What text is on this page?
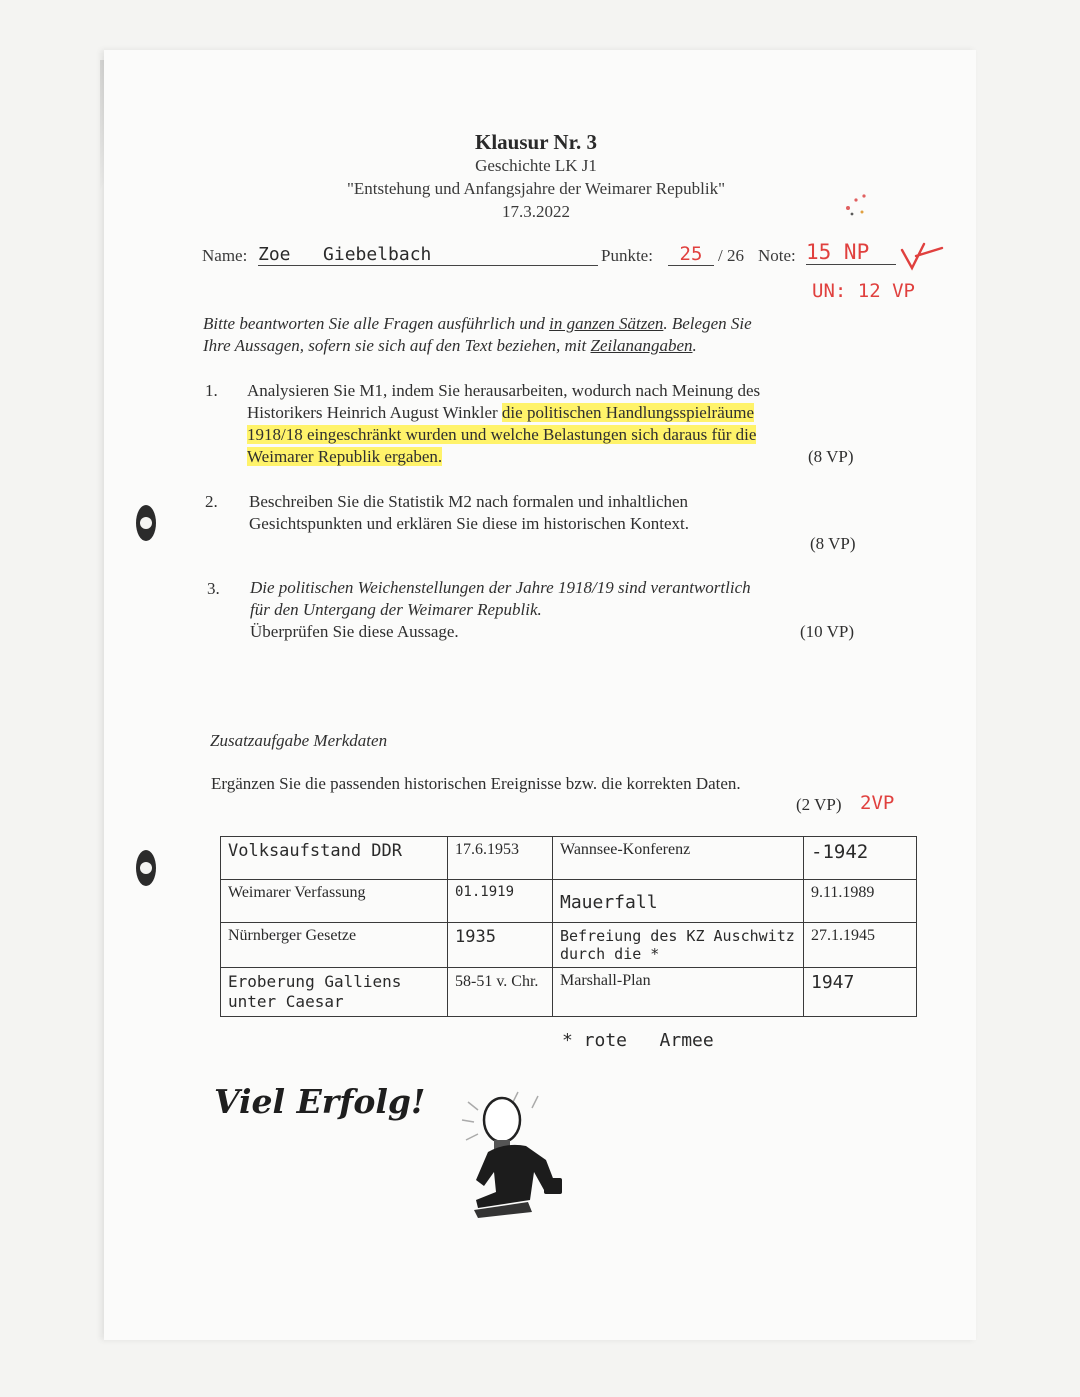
Klausur Nr. 3
Geschichte LK J1
"Entstehung und Anfangsjahre der Weimarer Republik"
17.3.2022
Name: Zoe   Giebelbach	Punkte:	25 / 26 Note: 15 NP
UN: 12 VP
Bitte beantworten Sie alle Fragen ausführlich und in ganzen Sätzen. Belegen Sie
Ihre Aussagen, sofern sie sich auf den Text beziehen, mit Zeilanangaben.
1. Analysieren Sie M1, indem Sie herausarbeiten, wodurch nach Meinung des
Historikers Heinrich August Winkler die politischen Handlungsspielräume
1918/18 eingeschränkt wurden und welche Belastungen sich daraus für die
Weimarer Republik ergaben.	(8 VP)
2. Beschreiben Sie die Statistik M2 nach formalen und inhaltlichen
Gesichtspunkten und erklären Sie diese im historischen Kontext.
(8 VP)
3. Die politischen Weichenstellungen der Jahre 1918/19 sind verantwortlich
für den Untergang der Weimarer Republik.
Überprüfen Sie diese Aussage.	(10 VP)
Zusatzaufgabe Merkdaten
Ergänzen Sie die passenden historischen Ereignisse bzw. die korrekten Daten.
(2 VP) 2VP
Volksaufstand DDR	17.6.1953	Wannsee-Konferenz	-1942
Weimarer Verfassung	01.1919	Mauerfall	9.11.1989
Nürnberger Gesetze	1935	Befreiung des KZ Auschwitz durch die *	27.1.1945
Eroberung Galliens unter Caesar	58-51 v. Chr.	Marshall-Plan	1947
* rote   Armee
Viel Erfolg!
